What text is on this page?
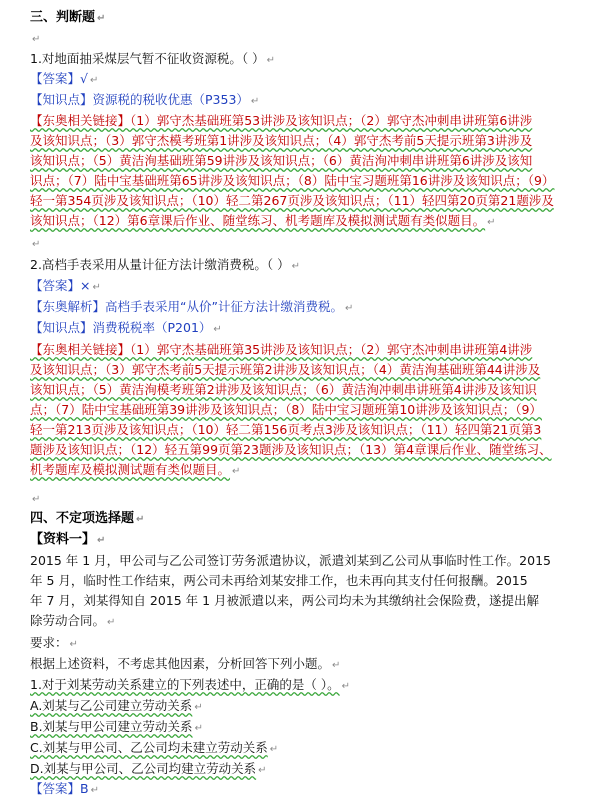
三、判断题 ↵
↵
1.对地面抽采煤层气暂不征收资源税。（ ） ↵
【答案】√ ↵
【知识点】资源税的税收优惠（P353） ↵
【东奥相关链接】（1）郭守杰基础班第53讲涉及该知识点；（2）郭守杰冲刺串讲班第6讲涉
及该知识点；（3）郭守杰模考班第1讲涉及该知识点；（4）郭守杰考前5天提示班第3讲涉及
该知识点；（5）黄洁洵基础班第59讲涉及该知识点；（6）黄洁洵冲刺串讲班第6讲涉及该知
识点；（7）陆中宝基础班第65讲涉及该知识点；（8）陆中宝习题班第16讲涉及该知识点；（9）
轻一第354页涉及该知识点；（10）轻二第267页涉及该知识点；（11）轻四第20页第21题涉及
该知识点；（12）第6章课后作业、随堂练习、机考题库及模拟测试题有类似题目。 ↵
↵
2.高档手表采用从量计征方法计缴消费税。（ ） ↵
【答案】× ↵
【东奥解析】高档手表采用“从价”计征方法计缴消费税。 ↵
【知识点】消费税税率（P201） ↵
【东奥相关链接】（1）郭守杰基础班第35讲涉及该知识点；（2）郭守杰冲刺串讲班第4讲涉
及该知识点；（3）郭守杰考前5天提示班第2讲涉及该知识点；（4）黄洁洵基础班第44讲涉及
该知识点；（5）黄洁洵模考班第2讲涉及该知识点；（6）黄洁洵冲刺串讲班第4讲涉及该知识
点；（7）陆中宝基础班第39讲涉及该知识点；（8）陆中宝习题班第10讲涉及该知识点；（9）
轻一第213页涉及该知识点；（10）轻二第156页考点3涉及该知识点；（11）轻四第21页第3
题涉及该知识点；（12）轻五第99页第23题涉及该知识点；（13）第4章课后作业、随堂练习、
机考题库及模拟测试题有类似题目。 ↵
↵
四、不定项选择题 ↵
【资料一】 ↵
2015 年 1 月，甲公司与乙公司签订劳务派遣协议，派遣刘某到乙公司从事临时性工作。2015
年 5 月，临时性工作结束，两公司未再给刘某安排工作，也未再向其支付任何报酬。2015
年 7 月，刘某得知自 2015 年 1 月被派遣以来，两公司均未为其缴纳社会保险费，遂提出解
除劳动合同。 ↵
要求： ↵
根据上述资料，不考虑其他因素，分析回答下列小题。 ↵
1.对于刘某劳动关系建立的下列表述中，正确的是（ ）。 ↵
A.刘某与乙公司建立劳动关系 ↵
B.刘某与甲公司建立劳动关系 ↵
C.刘某与甲公司、乙公司均未建立劳动关系 ↵
D.刘某与甲公司、乙公司均建立劳动关系 ↵
【答案】B ↵
